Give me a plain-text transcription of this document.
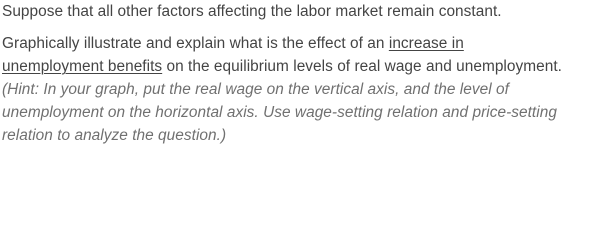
Suppose that all other factors affecting the labor market remain constant.
Graphically illustrate and explain what is the effect of an increase in
unemployment benefits on the equilibrium levels of real wage and unemployment.
(Hint: In your graph, put the real wage on the vertical axis, and the level of
unemployment on the horizontal axis. Use wage-setting relation and price-setting
relation to analyze the question.)
